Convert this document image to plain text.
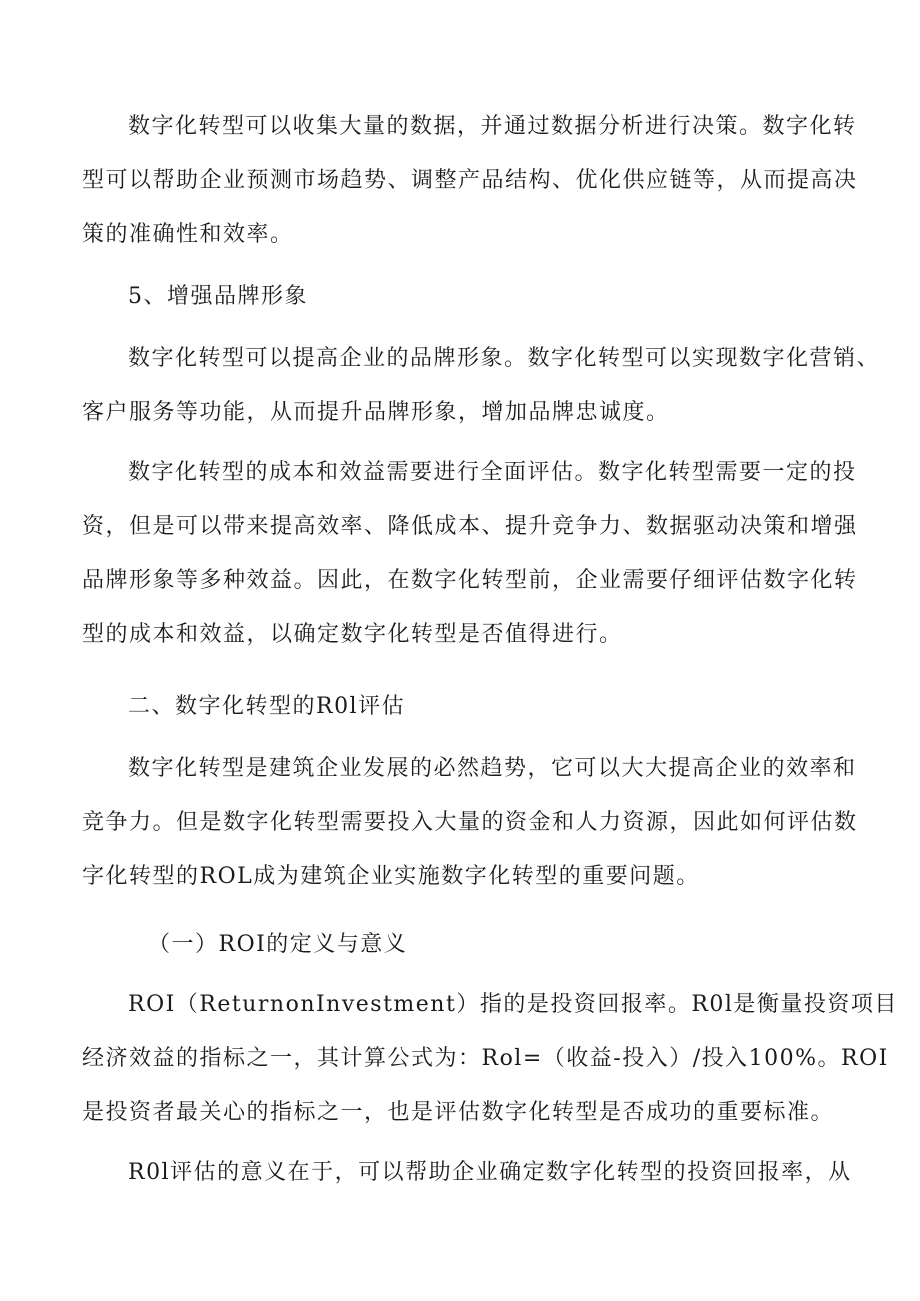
数字化转型可以收集大量的数据，并通过数据分析进行决策。数字化转
型可以帮助企业预测市场趋势、调整产品结构、优化供应链等，从而提高决
策的准确性和效率。

5、增强品牌形象

数字化转型可以提高企业的品牌形象。数字化转型可以实现数字化营销、
客户服务等功能，从而提升品牌形象，增加品牌忠诚度。

数字化转型的成本和效益需要进行全面评估。数字化转型需要一定的投
资，但是可以带来提高效率、降低成本、提升竞争力、数据驱动决策和增强
品牌形象等多种效益。因此，在数字化转型前，企业需要仔细评估数字化转
型的成本和效益，以确定数字化转型是否值得进行。

二、数字化转型的R0l评估

数字化转型是建筑企业发展的必然趋势，它可以大大提高企业的效率和
竞争力。但是数字化转型需要投入大量的资金和人力资源，因此如何评估数
字化转型的ROL成为建筑企业实施数字化转型的重要问题。

（一）ROI的定义与意义

ROI（ReturnonInvestment）指的是投资回报率。R0l是衡量投资项目
经济效益的指标之一，其计算公式为：Rol=（收益-投入）/投入100%。ROI
是投资者最关心的指标之一，也是评估数字化转型是否成功的重要标准。

R0l评估的意义在于，可以帮助企业确定数字化转型的投资回报率，从
